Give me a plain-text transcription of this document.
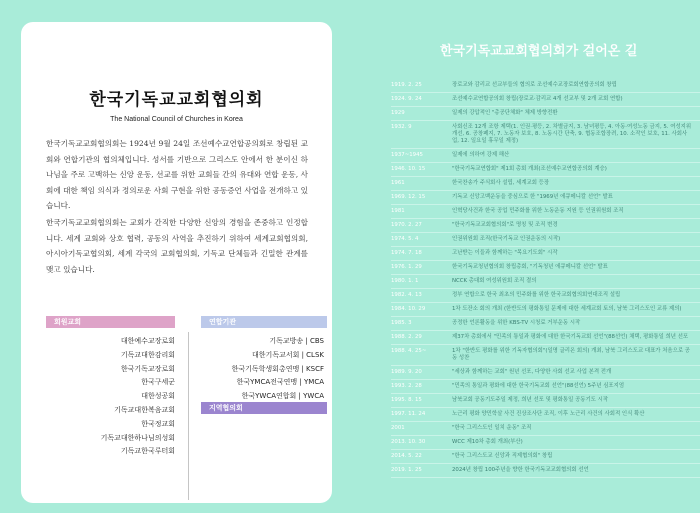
한국기독교교회협의회
The National Council of Churches in Korea

한국기독교교회협의회는 1924년 9월 24일 조선예수교연합공의회로 창립된 교회와 연합기관의 협의체입니다. 성서를 기반으로 그리스도 안에서 한 분이신 하나님을 주로 고백하는 신앙 운동, 선교를 위한 교회들 간의 유대와 연합 운동, 사회에 대한 책임 의식과 정의로운 사회 구현을 위한 공동증언 사업을 전개하고 있습니다.

한국기독교교회협의회는 교회가 간직한 다양한 신앙의 경험을 존중하고 인정합니다. 세계 교회와 상호 협력, 공동의 사역을 추진하기 위하여 세계교회협의회, 아시아기독교협의회, 세계 각국의 교회협의회, 기독교 단체들과 긴밀한 관계를 맺고 있습니다.

회원교회	연합기관
대한예수교장로회
기독교대한감리회
한국기독교장로회
한국구세군
대한성공회
기독교대한복음교회
한국정교회
기독교대한하나님의성회
기독교한국루터회
기독교방송 | CBS
대한기독교서회 | CLSK
한국기독학생회총연맹 | KSCF
한국YMCA전국연맹 | YMCA
한국YWCA연합회 | YWCA
지역협의회
한국기독교교회협의회가 걸어온 길
1919. 2. 25	장로교와 감리교 선교부들의 협의로 조선예수교장로회연합공의회 창립
1924. 9. 24	조선예수교연합공의회 창립(장로교·감리교 4개 선교부 및 2개 교회 연합)
1929	일제의 강압적인 "총공단체화" 체제 방향전환
1932. 9	사회신조 12개 조항 제택(1. 인권·평등, 2. 차별금지, 3. 남녀평등, 4. 아동·여성노동 금지, 5. 여성지위 개선, 6. 공창폐지, 7. 노동자 보호, 8. 노동시간 단축, 9. 협동조합장려, 10. 소작인 보호, 11. 사회사업, 12. 일요일 휴무일 제정)
1937~1945	일제에 의하여 강제 해산
1946. 10. 15	"한국기독교연합회" 제1회 총회 개최(조선예수교연합공의회 계승)
1961	한국찬송가 주식회사 설립, 세계교회 등장
1969. 12. 15	기독교 신앙고백운동을 중심으로 한 "1969년 에큐메니칼 선언" 발표
1981	인혁당사건과 한국 공업 민주화를 위한 노동운동 지원 등 인권위원회 조직
1970. 2. 27	"한국기독교교회협의회"로 명칭 및 조직 변경
1974. 5. 4	인권위원회 조직(한국기독교 인권운동의 시작)
1974. 7. 18	고난받는 이들과 함께하는 "목요기도회" 시작
1976. 1. 29	한국기독교청년협의회 창립총회, "기독청년 에큐메니칼 선언" 발표
1980. 1. 1	NCCK 총대회 여성위원회 조직 결의
1982. 4. 13	정부 연합으로 한국 최초의 민주화를 위한 한국교회협의회연대조직 설립
1984. 10. 29	1차 도잔소 회의 개최 (한반도의 평화통일 문제에 대한 세계교회 토의, 남북 그리스도인 교류 제의)
1985. 3	공정한 언론활동을 위한 KBS-TV 시청료 거부운동 시작
1988. 2. 29	제37차 총회에서 "민족의 통일과 평화에 대한 한국기독교회 선언"(88선언) 채택, 평화통일 희년 선포
1988. 4. 25~	1차 "한반도 평화를 위한 기독자협의회"(일명 글리온 회의) 개최, 남북 그리스도교 대표가 처음으로 공동 성찬
1989. 9. 20	"세상과 함께하는 교회" 원년 선포, 다양한 사회 선교 사업 본격 전개
1993. 2. 28	"민족의 통일과 평화에 대한 한국기독교회 선언"(88선언) 5주년 심포지엄
1995. 8. 15	남북교회 공동기도주일 제정, 희년 선포 및 평화통일 공동기도 시작
1997. 11. 24	노근리 평화 양민학살 사건 진상조사단 조직, 이후 노근리 사건의 사회적 인식 확산
2001	"한국 그리스도인 일치 운동" 조직
2013. 10. 30	WCC 제10차 총회 개최(부산)
2014. 5. 22	"한국 그리스도교 신앙과 직제협의회" 창립
2019. 1. 25	2024년 창립 100주년을 향한 한국기독교교회협의회 선언
